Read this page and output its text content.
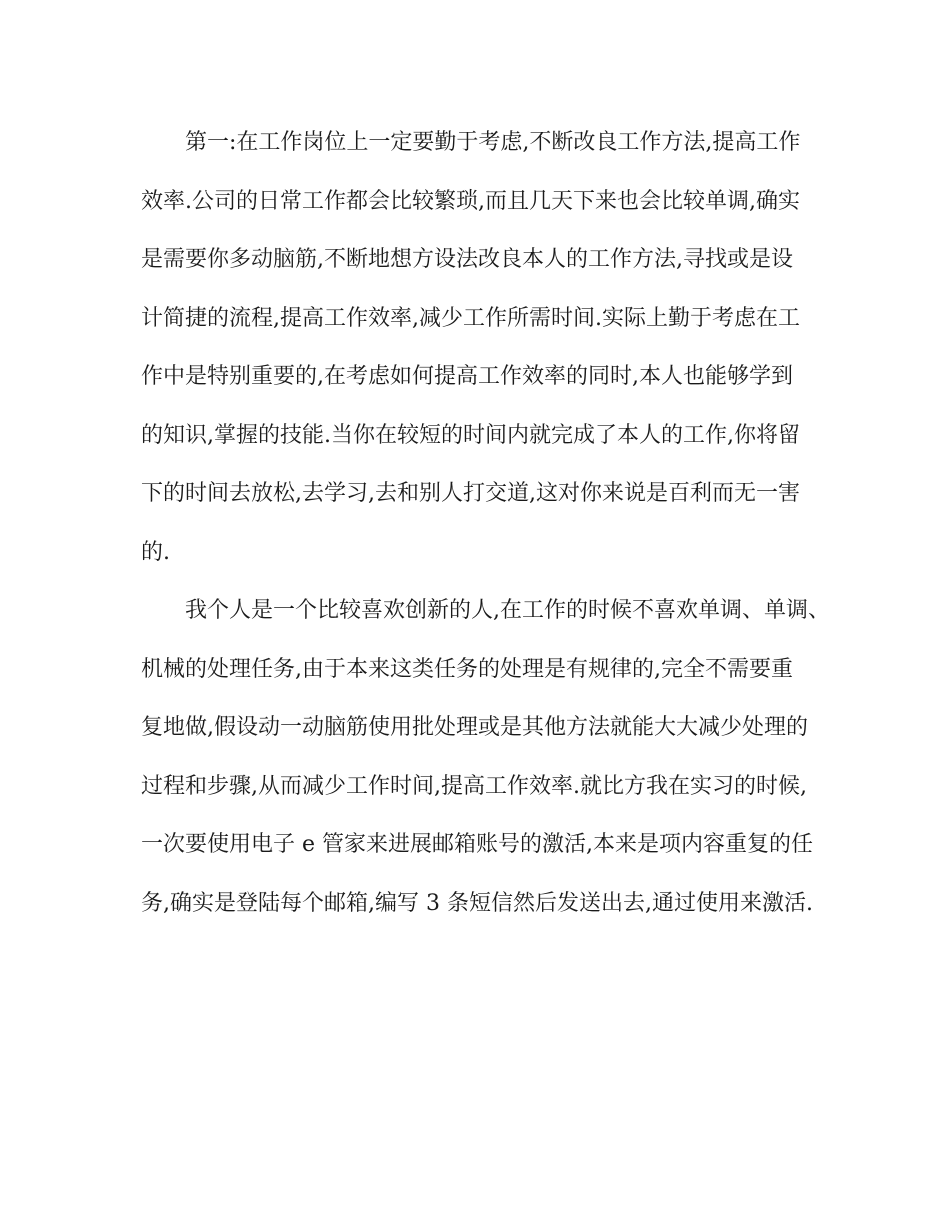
第一:在工作岗位上一定要勤于考虑,不断改良工作方法,提高工作
效率.公司的日常工作都会比较繁琐,而且几天下来也会比较单调,确实
是需要你多动脑筋,不断地想方设法改良本人的工作方法,寻找或是设
计简捷的流程,提高工作效率,减少工作所需时间.实际上勤于考虑在工
作中是特别重要的,在考虑如何提高工作效率的同时,本人也能够学到
的知识,掌握的技能.当你在较短的时间内就完成了本人的工作,你将留
下的时间去放松,去学习,去和别人打交道,这对你来说是百利而无一害
的.
我个人是一个比较喜欢创新的人,在工作的时候不喜欢单调、单调、
机械的处理任务,由于本来这类任务的处理是有规律的,完全不需要重
复地做,假设动一动脑筋使用批处理或是其他方法就能大大减少处理的
过程和步骤,从而减少工作时间,提高工作效率.就比方我在实习的时候,
一次要使用电子 e 管家来进展邮箱账号的激活,本来是项内容重复的任
务,确实是登陆每个邮箱,编写 3 条短信然后发送出去,通过使用来激活.
